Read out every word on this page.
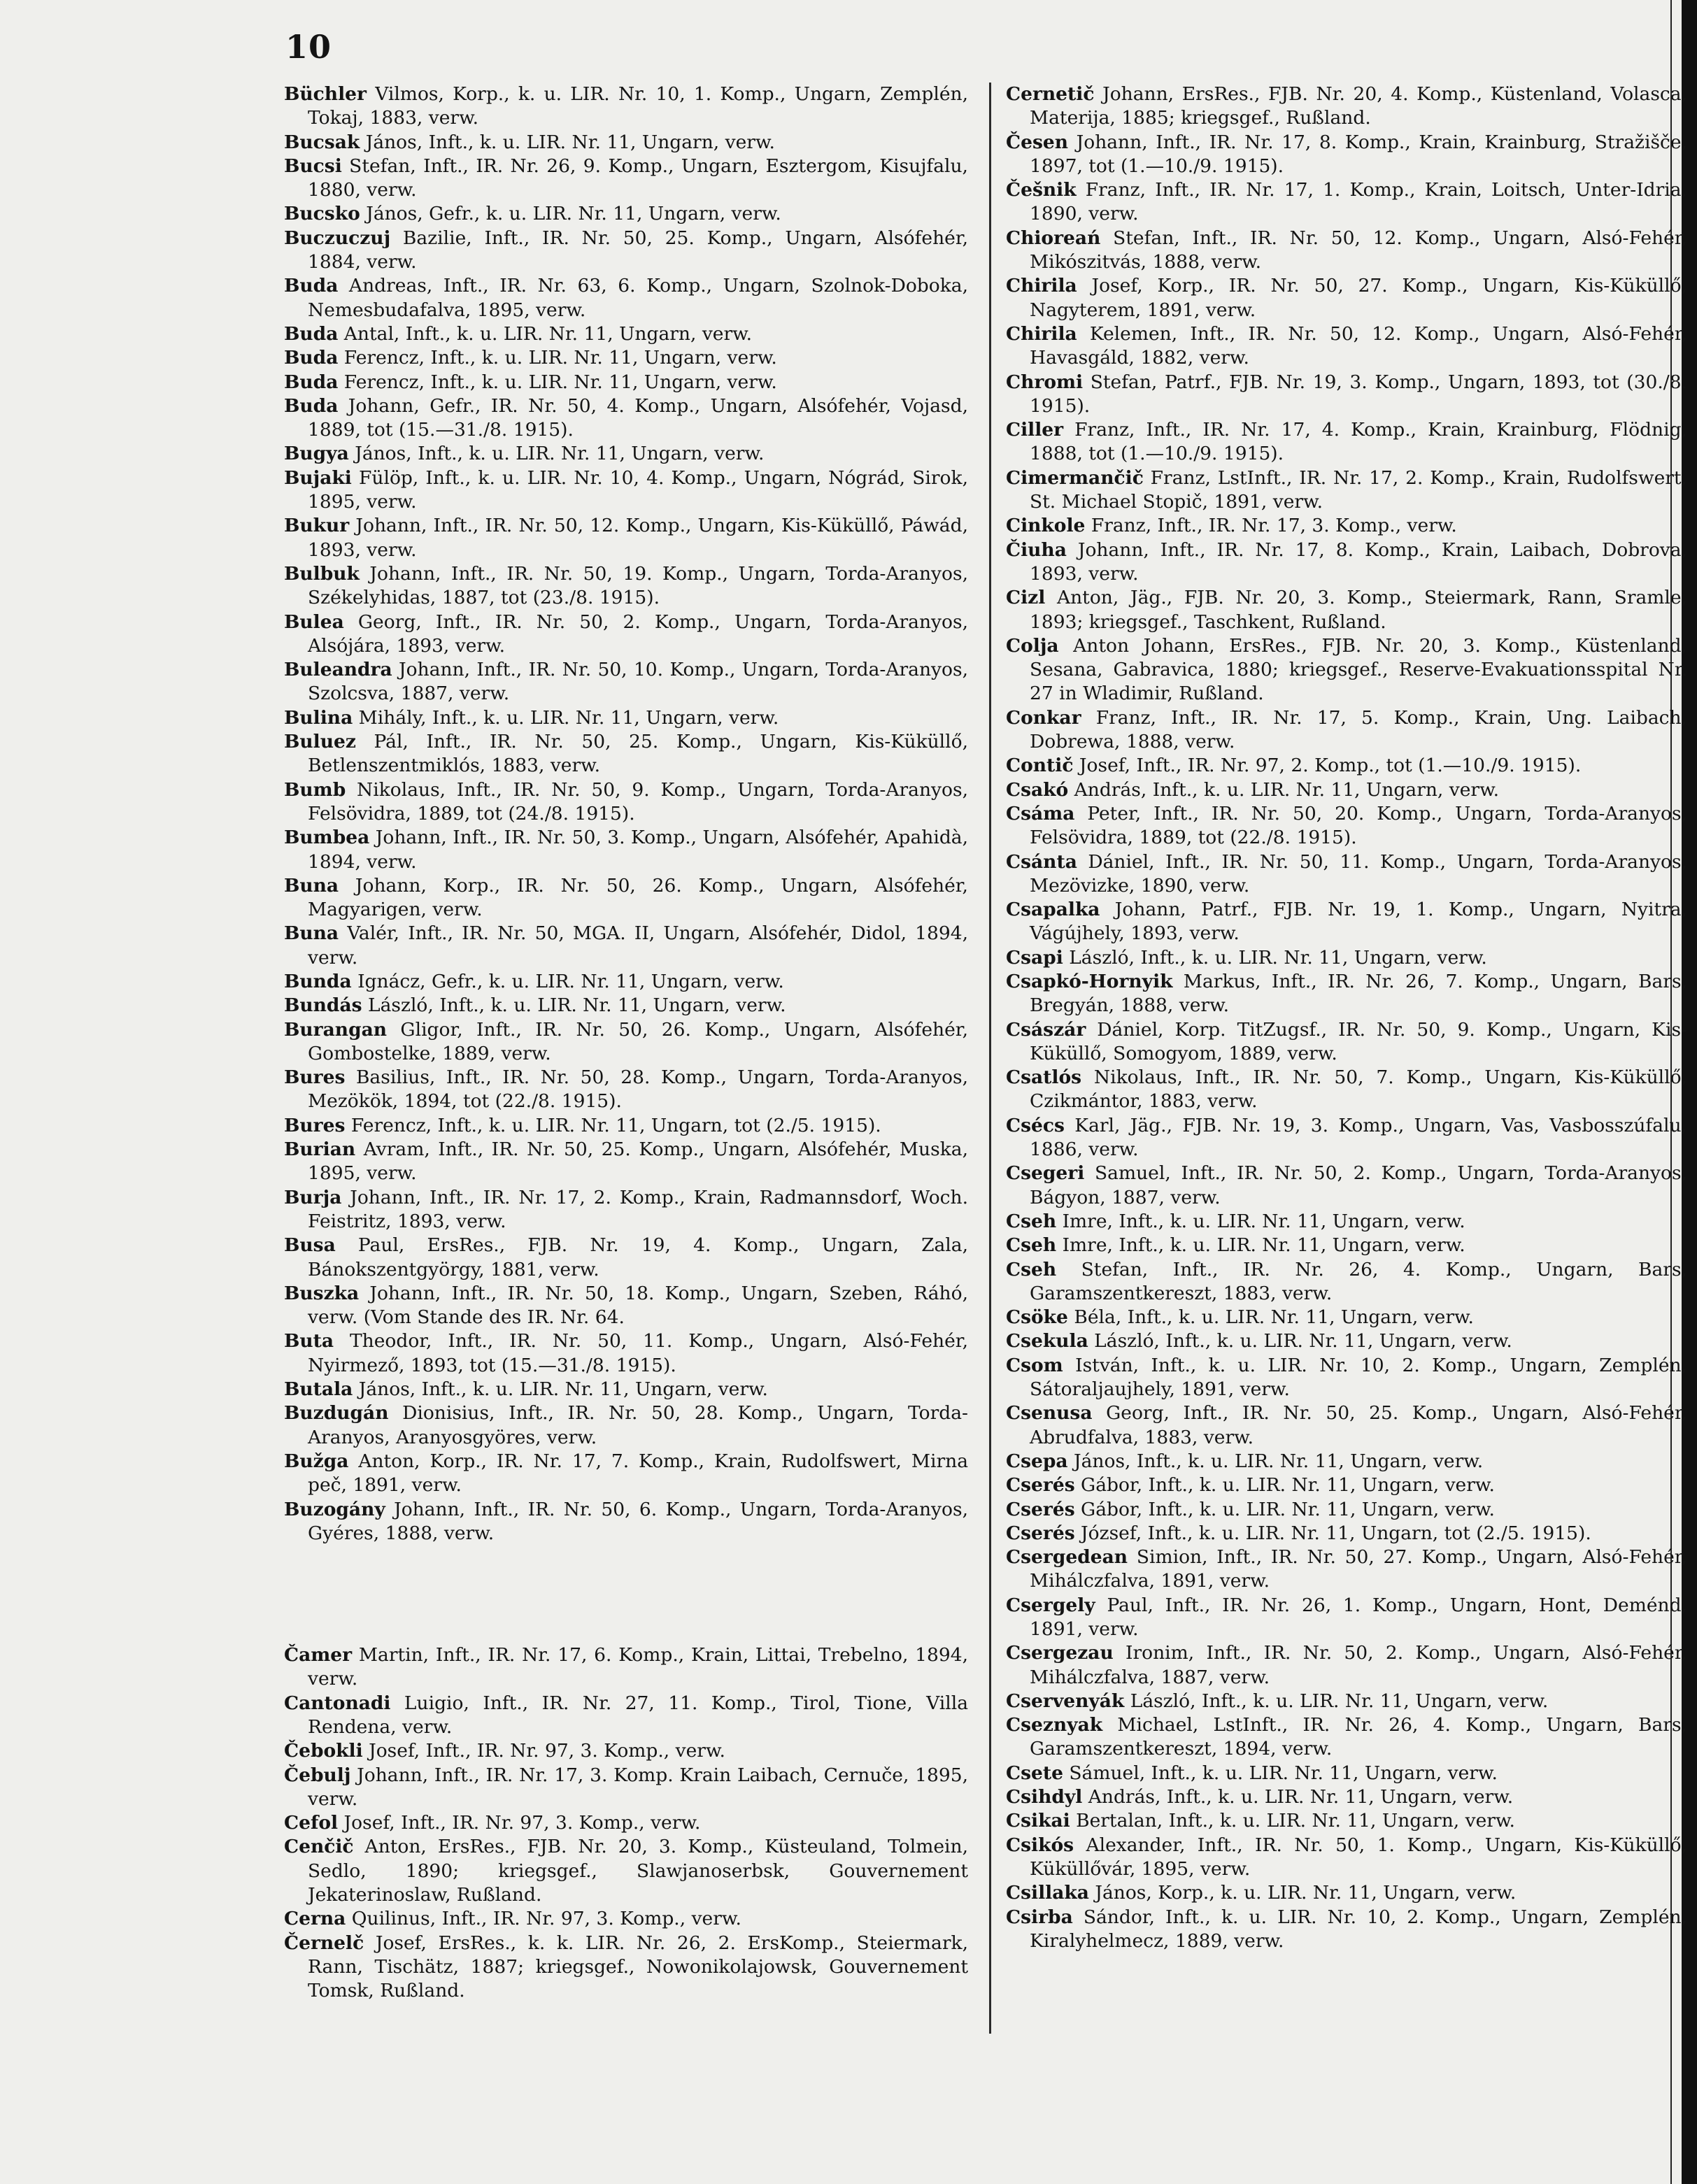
10

Büchler Vilmos, Korp., k. u. LIR. Nr. 10, 1. Komp., Ungarn, Zemplén, Tokaj, 1883, verw.

Bucsak János, Inft., k. u. LIR. Nr. 11, Ungarn, verw.

Bucsi Stefan, Inft., IR. Nr. 26, 9. Komp., Ungarn, Esztergom, Kisujfalu, 1880, verw.

Bucsko János, Gefr., k. u. LIR. Nr. 11, Ungarn, verw.

Buczuczuj Bazilie, Inft., IR. Nr. 50, 25. Komp., Ungarn, Alsófehér, 1884, verw.

Buda Andreas, Inft., IR. Nr. 63, 6. Komp., Ungarn, Szolnok-Doboka, Nemesbudafalva, 1895, verw.

Buda Antal, Inft., k. u. LIR. Nr. 11, Ungarn, verw.

Buda Ferencz, Inft., k. u. LIR. Nr. 11, Ungarn, verw.

Buda Ferencz, Inft., k. u. LIR. Nr. 11, Ungarn, verw.

Buda Johann, Gefr., IR. Nr. 50, 4. Komp., Ungarn, Alsófehér, Vojasd, 1889, tot (15.—31./8. 1915).

Bugya János, Inft., k. u. LIR. Nr. 11, Ungarn, verw.

Bujaki Fülöp, Inft., k. u. LIR. Nr. 10, 4. Komp., Ungarn, Nógrád, Sirok, 1895, verw.

Bukur Johann, Inft., IR. Nr. 50, 12. Komp., Ungarn, Kis-Küküllő, Páwád, 1893, verw.

Bulbuk Johann, Inft., IR. Nr. 50, 19. Komp., Ungarn, Torda-Aranyos, Székelyhidas, 1887, tot (23./8. 1915).

Bulea Georg, Inft., IR. Nr. 50, 2. Komp., Ungarn, Torda-Aranyos, Alsójára, 1893, verw.

Buleandra Johann, Inft., IR. Nr. 50, 10. Komp., Ungarn, Torda-Aranyos, Szolcsva, 1887, verw.

Bulina Mihály, Inft., k. u. LIR. Nr. 11, Ungarn, verw.

Buluez Pál, Inft., IR. Nr. 50, 25. Komp., Ungarn, Kis-Küküllő, Betlenszentmiklós, 1883, verw.

Bumb Nikolaus, Inft., IR. Nr. 50, 9. Komp., Ungarn, Torda-Aranyos, Felsövidra, 1889, tot (24./8. 1915).

Bumbea Johann, Inft., IR. Nr. 50, 3. Komp., Ungarn, Alsófehér, Apahidà, 1894, verw.

Buna Johann, Korp., IR. Nr. 50, 26. Komp., Ungarn, Alsófehér, Magyarigen, verw.

Buna Valér, Inft., IR. Nr. 50, MGA. II, Ungarn, Alsófehér, Didol, 1894, verw.

Bunda Ignácz, Gefr., k. u. LIR. Nr. 11, Ungarn, verw.

Bundás László, Inft., k. u. LIR. Nr. 11, Ungarn, verw.

Burangan Gligor, Inft., IR. Nr. 50, 26. Komp., Ungarn, Alsófehér, Gombostelke, 1889, verw.

Bures Basilius, Inft., IR. Nr. 50, 28. Komp., Ungarn, Torda-Aranyos, Mezökök, 1894, tot (22./8. 1915).

Bures Ferencz, Inft., k. u. LIR. Nr. 11, Ungarn, tot (2./5. 1915).

Burian Avram, Inft., IR. Nr. 50, 25. Komp., Ungarn, Alsófehér, Muska, 1895, verw.

Burja Johann, Inft., IR. Nr. 17, 2. Komp., Krain, Radmannsdorf, Woch. Feistritz, 1893, verw.

Busa Paul, ErsRes., FJB. Nr. 19, 4. Komp., Ungarn, Zala, Bánokszentgyörgy, 1881, verw.

Buszka Johann, Inft., IR. Nr. 50, 18. Komp., Ungarn, Szeben, Ráhó, verw. (Vom Stande des IR. Nr. 64.

Buta Theodor, Inft., IR. Nr. 50, 11. Komp., Ungarn, Alsó-Fehér, Nyirmező, 1893, tot (15.—31./8. 1915).

Butala János, Inft., k. u. LIR. Nr. 11, Ungarn, verw.

Buzdugán Dionisius, Inft., IR. Nr. 50, 28. Komp., Ungarn, Torda-Aranyos, Aranyosgyöres, verw.

Bužga Anton, Korp., IR. Nr. 17, 7. Komp., Krain, Rudolfswert, Mirna peč, 1891, verw.

Buzogány Johann, Inft., IR. Nr. 50, 6. Komp., Ungarn, Torda-Aranyos, Gyéres, 1888, verw.

Čamer Martin, Inft., IR. Nr. 17, 6. Komp., Krain, Littai, Trebelno, 1894, verw.

Cantonadi Luigio, Inft., IR. Nr. 27, 11. Komp., Tirol, Tione, Villa Rendena, verw.

Čebokli Josef, Inft., IR. Nr. 97, 3. Komp., verw.

Čebulj Johann, Inft., IR. Nr. 17, 3. Komp. Krain Laibach, Cernuče, 1895, verw.

Cefol Josef, Inft., IR. Nr. 97, 3. Komp., verw.

Cenčič Anton, ErsRes., FJB. Nr. 20, 3. Komp., Küsteuland, Tolmein, Sedlo, 1890; kriegsgef., Slawjanoserbsk, Gouvernement Jekaterinoslaw, Rußland.

Cerna Quilinus, Inft., IR. Nr. 97, 3. Komp., verw.

Černelč Josef, ErsRes., k. k. LIR. Nr. 26, 2. ErsKomp., Steiermark, Rann, Tischätz, 1887; kriegsgef., Nowonikolajowsk, Gouvernement Tomsk, Rußland.

Cernetič Johann, ErsRes., FJB. Nr. 20, 4. Komp., Küstenland, Volasca, Materija, 1885; kriegsgef., Rußland.

Česen Johann, Inft., IR. Nr. 17, 8. Komp., Krain, Krainburg, Stražišče, 1897, tot (1.—10./9. 1915).

Češnik Franz, Inft., IR. Nr. 17, 1. Komp., Krain, Loitsch, Unter-Idria, 1890, verw.

Chioreań Stefan, Inft., IR. Nr. 50, 12. Komp., Ungarn, Alsó-Fehér, Mikószitvás, 1888, verw.

Chirila Josef, Korp., IR. Nr. 50, 27. Komp., Ungarn, Kis-Küküllő, Nagyterem, 1891, verw.

Chirila Kelemen, Inft., IR. Nr. 50, 12. Komp., Ungarn, Alsó-Fehér, Havasgáld, 1882, verw.

Chromi Stefan, Patrf., FJB. Nr. 19, 3. Komp., Ungarn, 1893, tot (30./8. 1915).

Ciller Franz, Inft., IR. Nr. 17, 4. Komp., Krain, Krainburg, Flödnig, 1888, tot (1.—10./9. 1915).

Cimermančič Franz, LstInft., IR. Nr. 17, 2. Komp., Krain, Rudolfswert, St. Michael Stopič, 1891, verw.

Cinkole Franz, Inft., IR. Nr. 17, 3. Komp., verw.

Čiuha Johann, Inft., IR. Nr. 17, 8. Komp., Krain, Laibach, Dobrova, 1893, verw.

Cizl Anton, Jäg., FJB. Nr. 20, 3. Komp., Steiermark, Rann, Sramle, 1893; kriegsgef., Taschkent, Rußland.

Colja Anton Johann, ErsRes., FJB. Nr. 20, 3. Komp., Küstenland, Sesana, Gabravica, 1880; kriegsgef., Reserve-Evakuationsspital Nr. 27 in Wladimir, Rußland.

Conkar Franz, Inft., IR. Nr. 17, 5. Komp., Krain, Ung. Laibach, Dobrewa, 1888, verw.

Contič Josef, Inft., IR. Nr. 97, 2. Komp., tot (1.—10./9. 1915).

Csakó András, Inft., k. u. LIR. Nr. 11, Ungarn, verw.

Csáma Peter, Inft., IR. Nr. 50, 20. Komp., Ungarn, Torda-Aranyos, Felsövidra, 1889, tot (22./8. 1915).

Csánta Dániel, Inft., IR. Nr. 50, 11. Komp., Ungarn, Torda-Aranyos, Mezövizke, 1890, verw.

Csapalka Johann, Patrf., FJB. Nr. 19, 1. Komp., Ungarn, Nyitra, Vágújhely, 1893, verw.

Csapi László, Inft., k. u. LIR. Nr. 11, Ungarn, verw.

Csapkó-Hornyik Markus, Inft., IR. Nr. 26, 7. Komp., Ungarn, Bars, Bregyán, 1888, verw.

Császár Dániel, Korp. TitZugsf., IR. Nr. 50, 9. Komp., Ungarn, Kis-Küküllő, Somogyom, 1889, verw.

Csatlós Nikolaus, Inft., IR. Nr. 50, 7. Komp., Ungarn, Kis-Küküllő, Czikmántor, 1883, verw.

Csécs Karl, Jäg., FJB. Nr. 19, 3. Komp., Ungarn, Vas, Vasbosszúfalu, 1886, verw.

Csegeri Samuel, Inft., IR. Nr. 50, 2. Komp., Ungarn, Torda-Aranyos, Bágyon, 1887, verw.

Cseh Imre, Inft., k. u. LIR. Nr. 11, Ungarn, verw.

Cseh Imre, Inft., k. u. LIR. Nr. 11, Ungarn, verw.

Cseh Stefan, Inft., IR. Nr. 26, 4. Komp., Ungarn, Bars, Garamszentkereszt, 1883, verw.

Csöke Béla, Inft., k. u. LIR. Nr. 11, Ungarn, verw.

Csekula László, Inft., k. u. LIR. Nr. 11, Ungarn, verw.

Csom István, Inft., k. u. LIR. Nr. 10, 2. Komp., Ungarn, Zemplén, Sátoraljaujhely, 1891, verw.

Csenusa Georg, Inft., IR. Nr. 50, 25. Komp., Ungarn, Alsó-Fehér, Abrudfalva, 1883, verw.

Csepa János, Inft., k. u. LIR. Nr. 11, Ungarn, verw.

Cserés Gábor, Inft., k. u. LIR. Nr. 11, Ungarn, verw.

Cserés Gábor, Inft., k. u. LIR. Nr. 11, Ungarn, verw.

Cserés József, Inft., k. u. LIR. Nr. 11, Ungarn, tot (2./5. 1915).

Csergedean Simion, Inft., IR. Nr. 50, 27. Komp., Ungarn, Alsó-Fehér, Mihálczfalva, 1891, verw.

Csergely Paul, Inft., IR. Nr. 26, 1. Komp., Ungarn, Hont, Deménd, 1891, verw.

Csergezau Ironim, Inft., IR. Nr. 50, 2. Komp., Ungarn, Alsó-Fehér, Mihálczfalva, 1887, verw.

Cservenyák László, Inft., k. u. LIR. Nr. 11, Ungarn, verw.

Cseznyak Michael, LstInft., IR. Nr. 26, 4. Komp., Ungarn, Bars, Garamszentkereszt, 1894, verw.

Csete Sámuel, Inft., k. u. LIR. Nr. 11, Ungarn, verw.

Csihdyl András, Inft., k. u. LIR. Nr. 11, Ungarn, verw.

Csikai Bertalan, Inft., k. u. LIR. Nr. 11, Ungarn, verw.

Csikós Alexander, Inft., IR. Nr. 50, 1. Komp., Ungarn, Kis-Küküllő, Küküllővár, 1895, verw.

Csillaka János, Korp., k. u. LIR. Nr. 11, Ungarn, verw.

Csirba Sándor, Inft., k. u. LIR. Nr. 10, 2. Komp., Ungarn, Zemplén, Kiralyhelmecz, 1889, verw.
